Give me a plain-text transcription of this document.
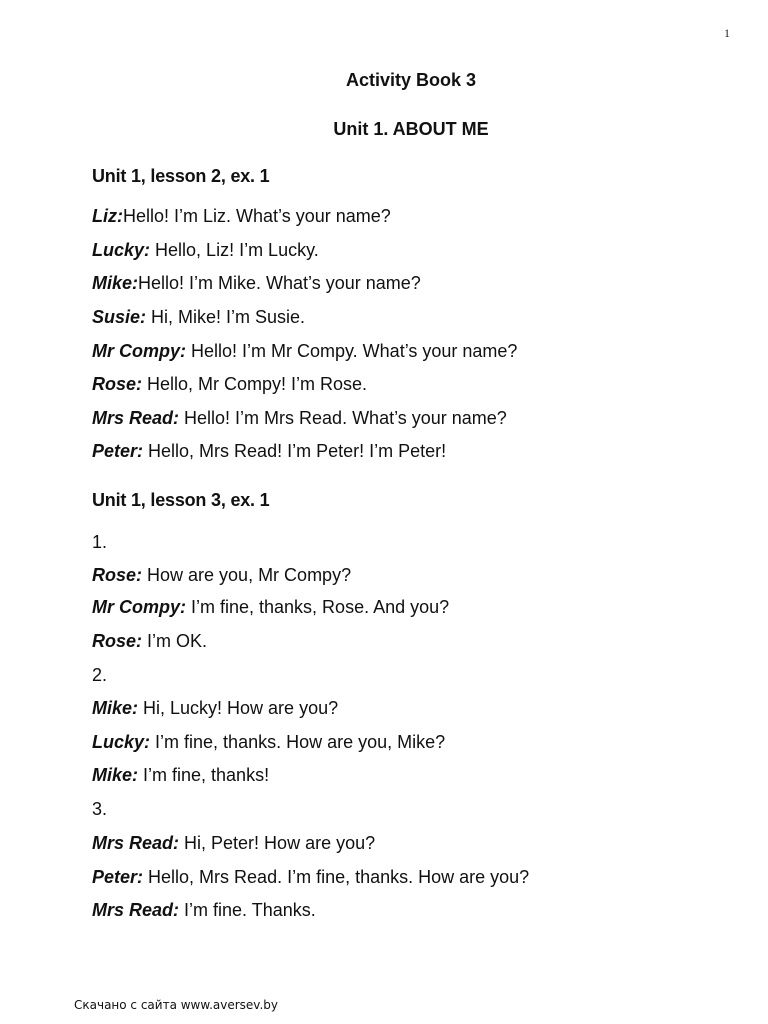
1
Activity Book 3
Unit 1. ABOUT ME
Unit 1, lesson 2, ex. 1
Liz:Hello! I’m Liz. What’s your name?
Lucky: Hello, Liz! I’m Lucky.
Mike:Hello! I’m Mike. What’s your name?
Susie: Hi, Mike! I’m Susie.
Mr Compy: Hello! I’m Mr Compy. What’s your name?
Rose: Hello, Mr Compy! I’m Rose.
Mrs Read: Hello! I’m Mrs Read. What’s your name?
Peter: Hello, Mrs Read! I’m Peter! I’m Peter!
Unit 1, lesson 3, ex. 1
1.
Rose: How are you, Mr Compy?
Mr Compy: I’m fine, thanks, Rose. And you?
Rose: I’m OK.
2.
Mike: Hi, Lucky! How are you?
Lucky: I’m fine, thanks. How are you, Mike?
Mike: I’m fine, thanks!
3.
Mrs Read: Hi, Peter! How are you?
Peter: Hello, Mrs Read. I’m fine, thanks. How are you?
Mrs Read: I’m fine. Thanks.
Скачано с сайта www.aversev.by
